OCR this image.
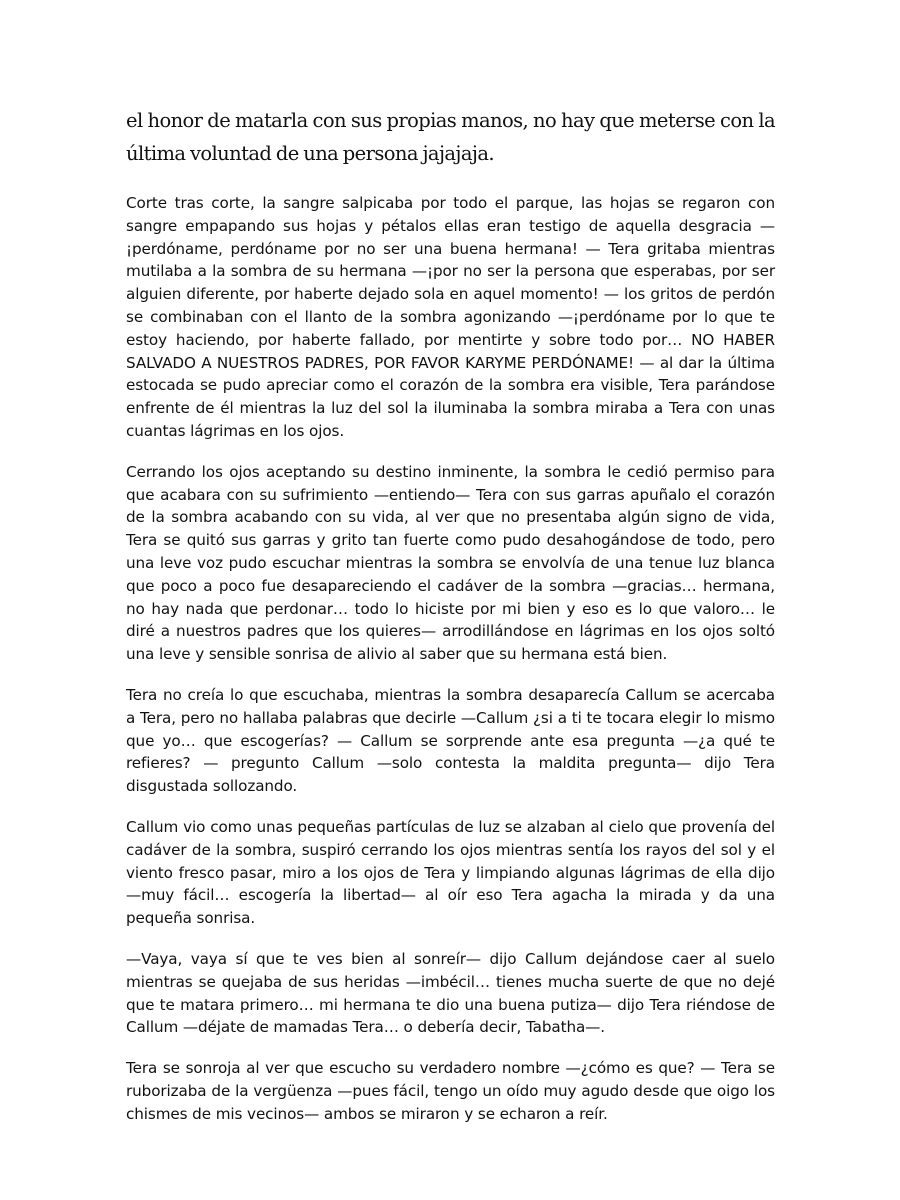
el honor de matarla con sus propias manos, no hay que meterse con la última voluntad de una persona jajajaja.

Corte tras corte, la sangre salpicaba por todo el parque, las hojas se regaron con sangre empapando sus hojas y pétalos ellas eran testigo de aquella desgracia —¡perdóname, perdóname por no ser una buena hermana! — Tera gritaba mientras mutilaba a la sombra de su hermana —¡por no ser la persona que esperabas, por ser alguien diferente, por haberte dejado sola en aquel momento! — los gritos de perdón se combinaban con el llanto de la sombra agonizando —¡perdóname por lo que te estoy haciendo, por haberte fallado, por mentirte y sobre todo por… NO HABER SALVADO A NUESTROS PADRES, POR FAVOR KARYME PERDÓNAME! — al dar la última estocada se pudo apreciar como el corazón de la sombra era visible, Tera parándose enfrente de él mientras la luz del sol la iluminaba la sombra miraba a Tera con unas cuantas lágrimas en los ojos.

Cerrando los ojos aceptando su destino inminente, la sombra le cedió permiso para que acabara con su sufrimiento —entiendo— Tera con sus garras apuñalo el corazón de la sombra acabando con su vida, al ver que no presentaba algún signo de vida, Tera se quitó sus garras y grito tan fuerte como pudo desahogándose de todo, pero una leve voz pudo escuchar mientras la sombra se envolvía de una tenue luz blanca que poco a poco fue desapareciendo el cadáver de la sombra —gracias… hermana, no hay nada que perdonar… todo lo hiciste por mi bien y eso es lo que valoro… le diré a nuestros padres que los quieres— arrodillándose en lágrimas en los ojos soltó una leve y sensible sonrisa de alivio al saber que su hermana está bien.

Tera no creía lo que escuchaba, mientras la sombra desaparecía Callum se acercaba a Tera, pero no hallaba palabras que decirle —Callum ¿si a ti te tocara elegir lo mismo que yo… que escogerías? — Callum se sorprende ante esa pregunta —¿a qué te refieres? — pregunto Callum —solo contesta la maldita pregunta— dijo Tera disgustada sollozando.

Callum vio como unas pequeñas partículas de luz se alzaban al cielo que provenía del cadáver de la sombra, suspiró cerrando los ojos mientras sentía los rayos del sol y el viento fresco pasar, miro a los ojos de Tera y limpiando algunas lágrimas de ella dijo —muy fácil… escogería la libertad— al oír eso Tera agacha la mirada y da una pequeña sonrisa.

—Vaya, vaya sí que te ves bien al sonreír— dijo Callum dejándose caer al suelo mientras se quejaba de sus heridas —imbécil… tienes mucha suerte de que no dejé que te matara primero… mi hermana te dio una buena putiza— dijo Tera riéndose de Callum —déjate de mamadas Tera… o debería decir, Tabatha—.

Tera se sonroja al ver que escucho su verdadero nombre —¿cómo es que? — Tera se ruborizaba de la vergüenza —pues fácil, tengo un oído muy agudo desde que oigo los chismes de mis vecinos— ambos se miraron y se echaron a reír.
